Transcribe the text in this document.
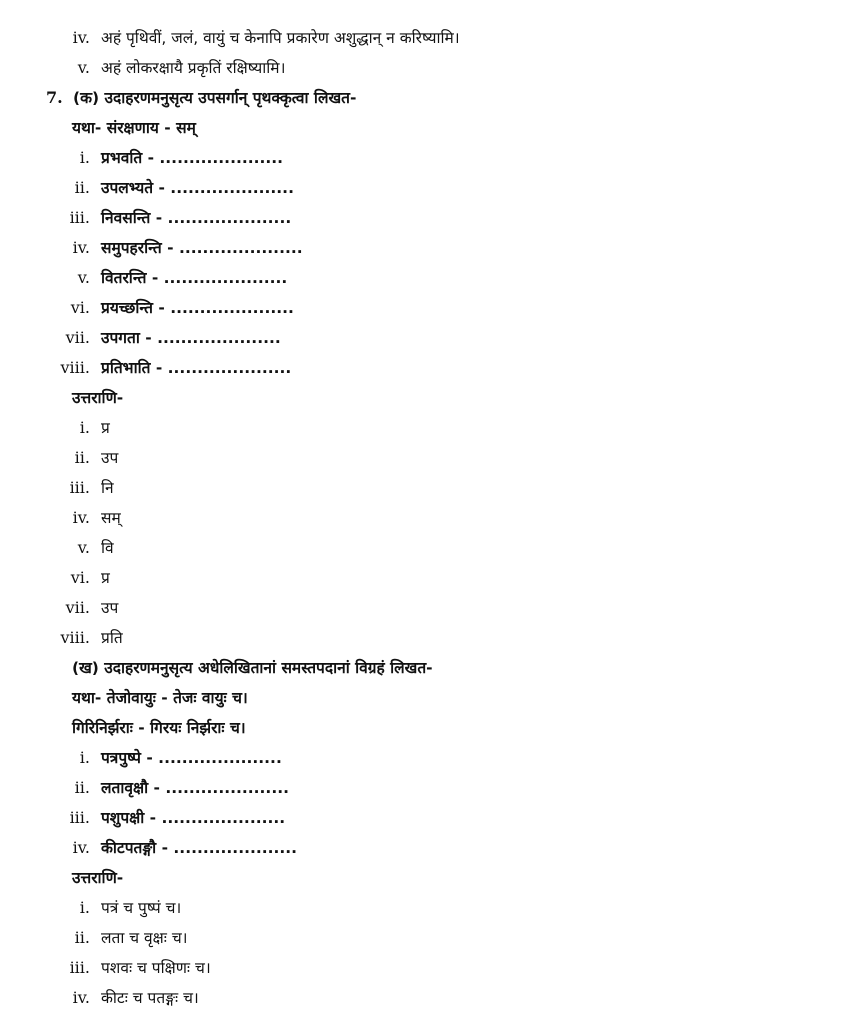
iv. अहं पृथिवीं, जलं, वायुं च केनापि प्रकारेण अशुद्धान् न करिष्यामि।
v. अहं लोकरक्षायै प्रकृतिं रक्षिष्यामि।
7. (क) उदाहरणमनुसृत्य उपसर्गान् पृथक्कृत्वा लिखत-
यथा- संरक्षणाय - सम्
i. प्रभवति - .....................
ii. उपलभ्यते - .....................
iii. निवसन्ति - .....................
iv. समुपहरन्ति - .....................
v. वितरन्ति - .....................
vi. प्रयच्छन्ति - .....................
vii. उपगता - .....................
viii. प्रतिभाति - .....................
उत्तराणि-
i. प्र
ii. उप
iii. नि
iv. सम्
v. वि
vi. प्र
vii. उप
viii. प्रति
(ख) उदाहरणमनुसृत्य अधेलिखितानां समस्तपदानां विग्रहं लिखत-
यथा- तेजोवायुः - तेजः वायुः च।
गिरिनिर्झराः - गिरयः निर्झराः च।
i. पत्रपुष्पे - .....................
ii. लतावृक्षौ - .....................
iii. पशुपक्षी - .....................
iv. कीटपतङ्गौ - .....................
उत्तराणि-
i. पत्रं च पुष्पं च।
ii. लता च वृक्षः च।
iii. पशवः च पक्षिणः च।
iv. कीटः च पतङ्गः च।
